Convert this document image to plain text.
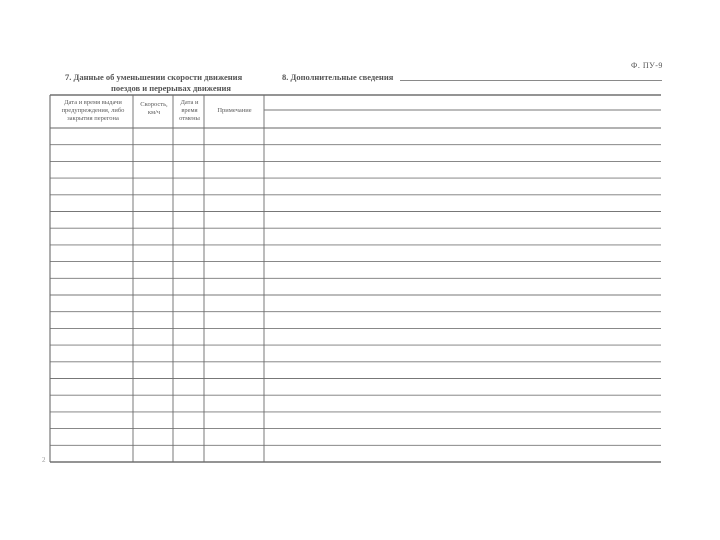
Ф. ПУ-9
7. Данные об уменьшении скорости движения
поездов и перерывах движения
8. Дополнительные сведения
Дата и время выдачи предупреждения, либо закрытия перегона
Скорость, км/ч
Дата и время отмены
Примечание
2
